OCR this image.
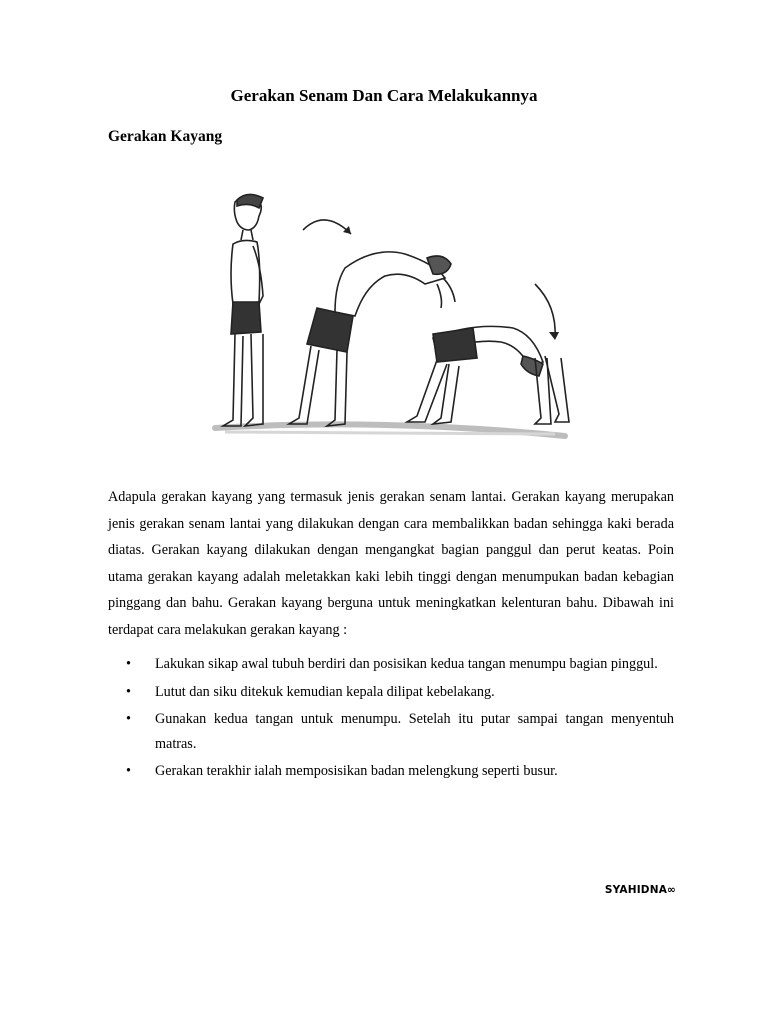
Gerakan Senam Dan Cara Melakukannya
Gerakan Kayang
Adapula gerakan kayang yang termasuk jenis gerakan senam lantai. Gerakan kayang merupakan jenis gerakan senam lantai yang dilakukan dengan cara membalikkan badan sehingga kaki berada diatas. Gerakan kayang dilakukan dengan mengangkat bagian panggul dan perut keatas. Poin utama gerakan kayang adalah meletakkan kaki lebih tinggi dengan menumpukan badan kebagian pinggang dan bahu. Gerakan kayang berguna untuk meningkatkan kelenturan bahu. Dibawah ini terdapat cara melakukan gerakan kayang :
• Lakukan sikap awal tubuh berdiri dan posisikan kedua tangan menumpu bagian pinggul.
• Lutut dan siku ditekuk kemudian kepala dilipat kebelakang.
• Gunakan kedua tangan untuk menumpu. Setelah itu putar sampai tangan menyentuh matras.
• Gerakan terakhir ialah memposisikan badan melengkung seperti busur.
SYAHIDNA∞
